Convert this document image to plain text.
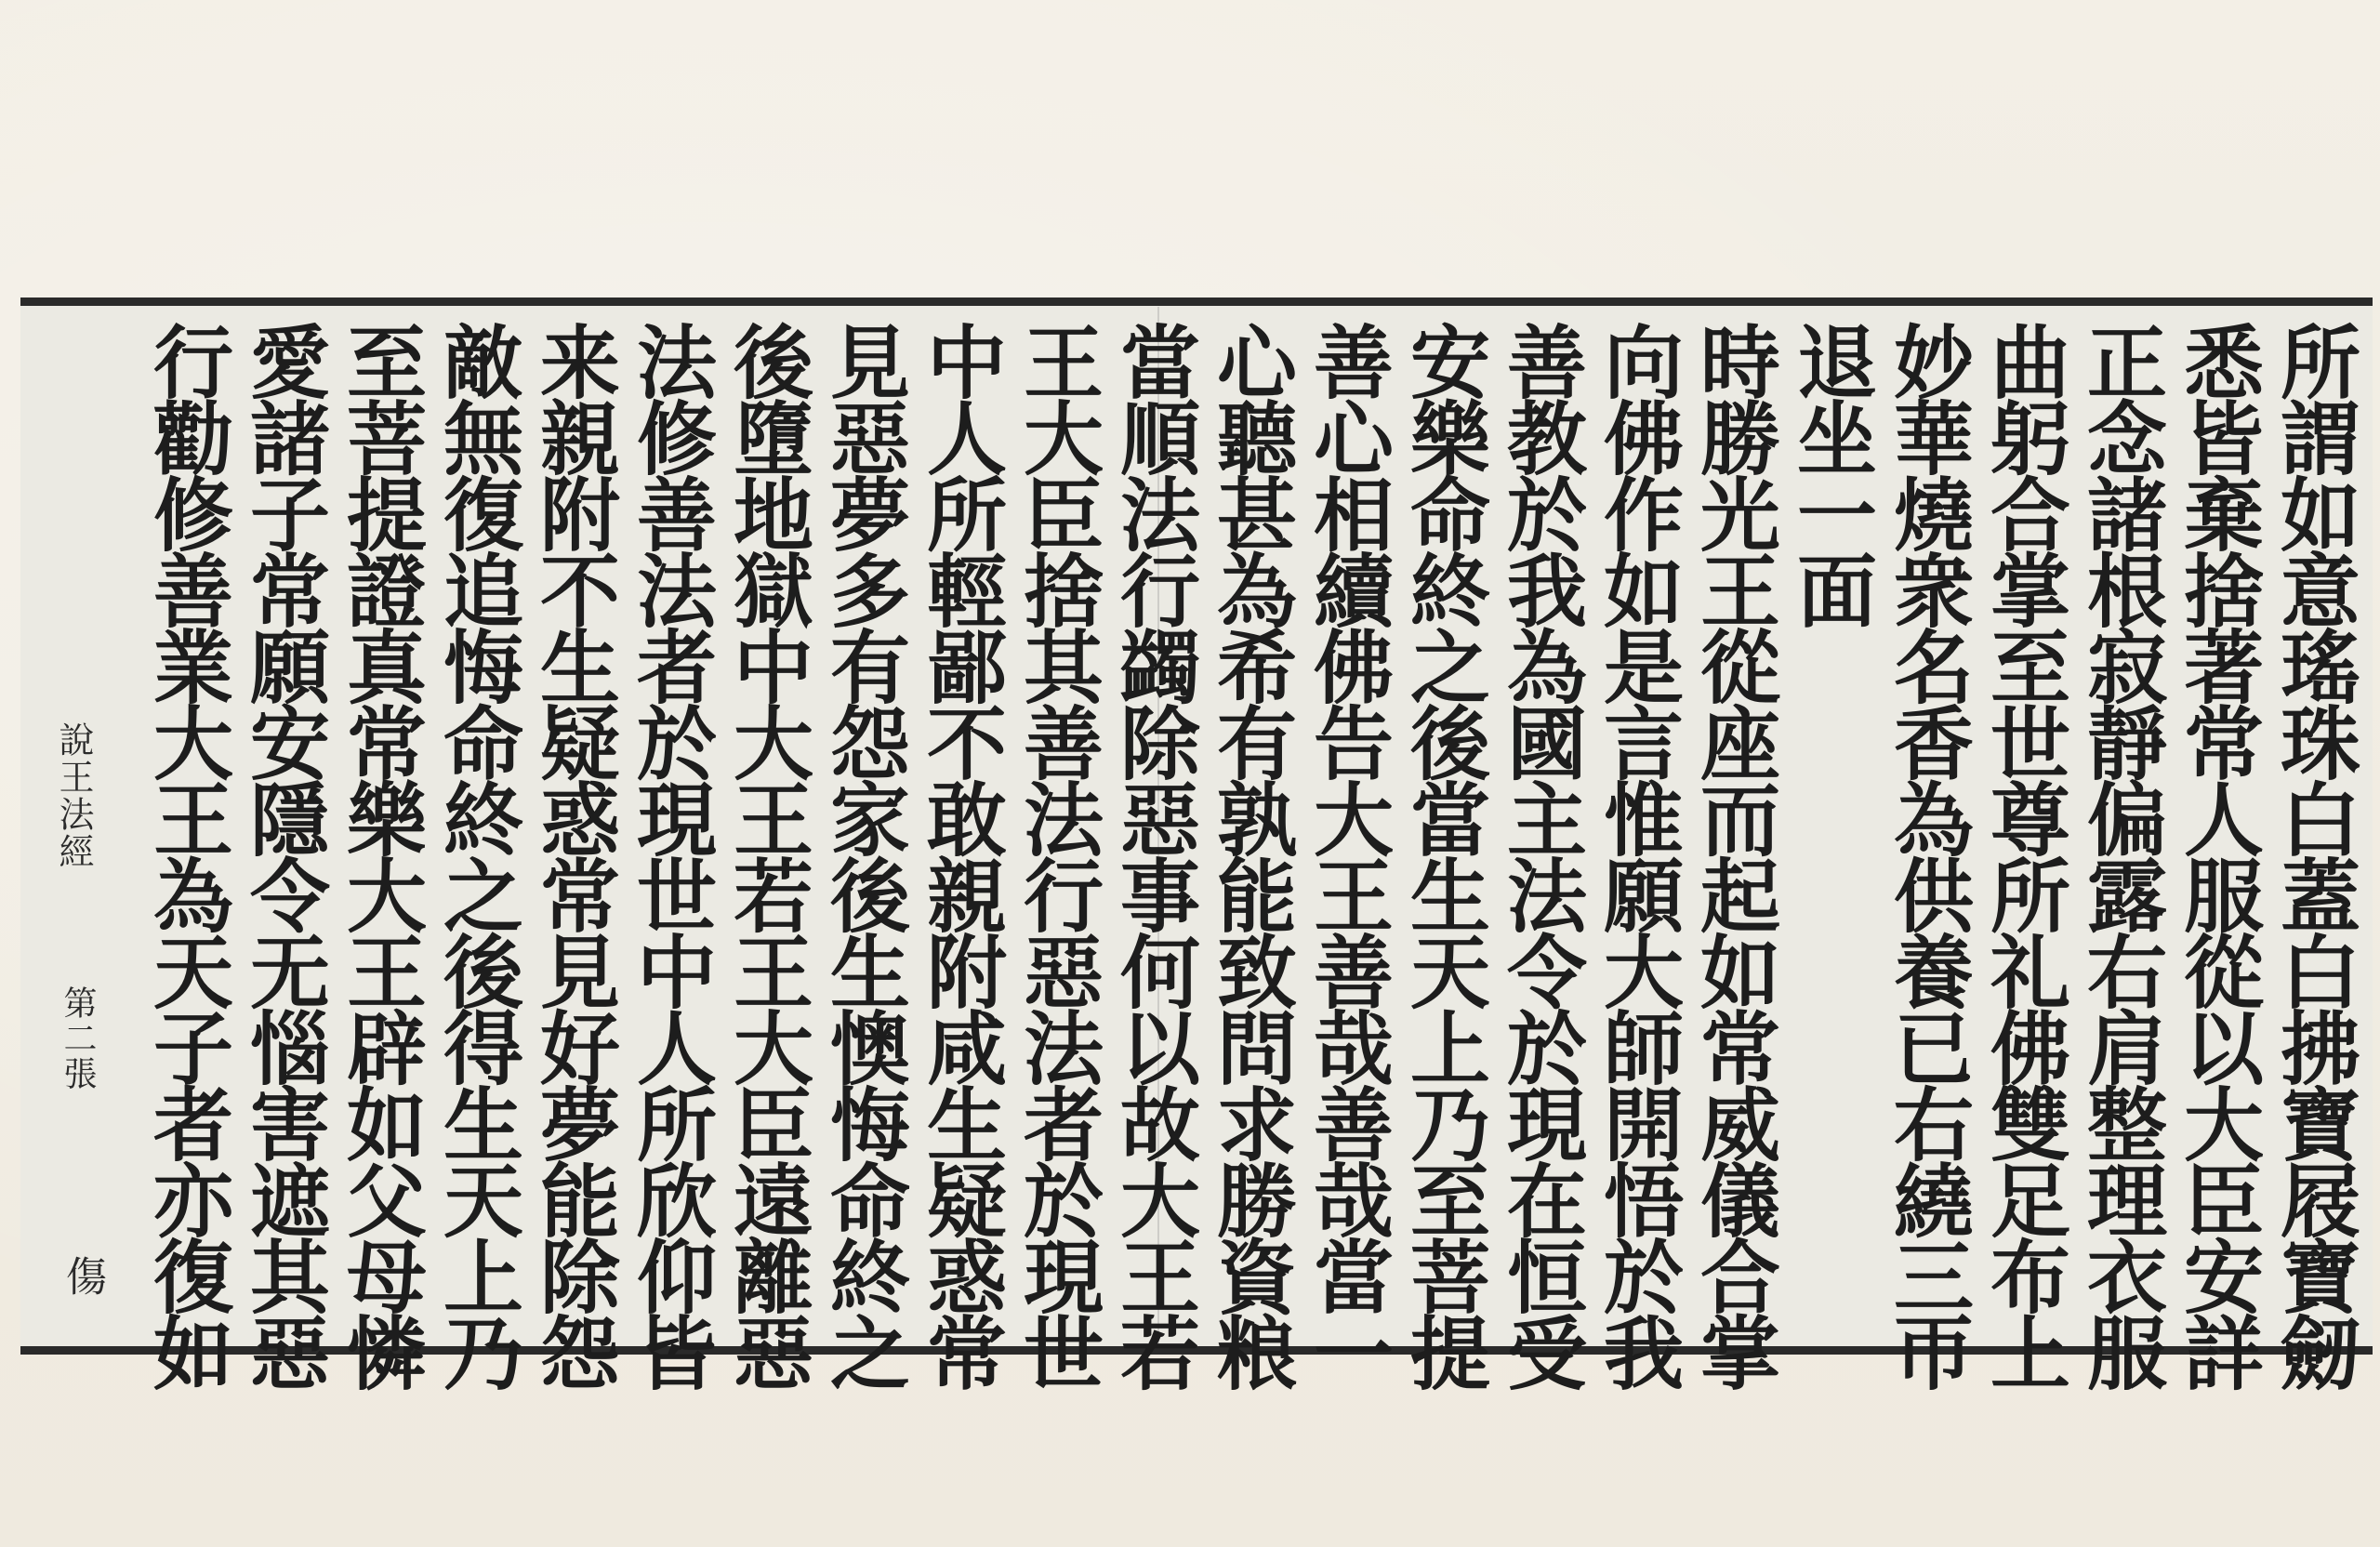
所謂如意瑤珠白蓋白拂寶屐寶劒
悉皆棄捨著常人服從以大臣安詳
正念諸根寂靜偏露右肩整理衣服
曲躬合掌至世尊所礼佛雙足布上
妙華燒衆名香為供養已右繞三帀
退坐一面
時勝光王從座而起如常威儀合掌
向佛作如是言惟願大師開悟於我
善教於我為國主法令於現在恒受
安樂命終之後當生天上乃至菩提
善心相續佛告大王善哉善哉當一
心聽甚為希有孰能致問求勝資粮
當順法行蠲除惡事何以故大王若
王大臣捨其善法行惡法者於現世
中人所輕鄙不敢親附咸生疑惑常
見惡夢多有怨家後生懊悔命終之
後墮地獄中大王若王大臣遠離惡
法修善法者於現世中人所欣仰皆
来親附不生疑惑常見好夢能除怨
敵無復追悔命終之後得生天上乃
至菩提證真常樂大王辟如父母憐
愛諸子常願安隱令无惱害遮其惡
行勸修善業大王為天子者亦復如
說王法經
第二張
傷
